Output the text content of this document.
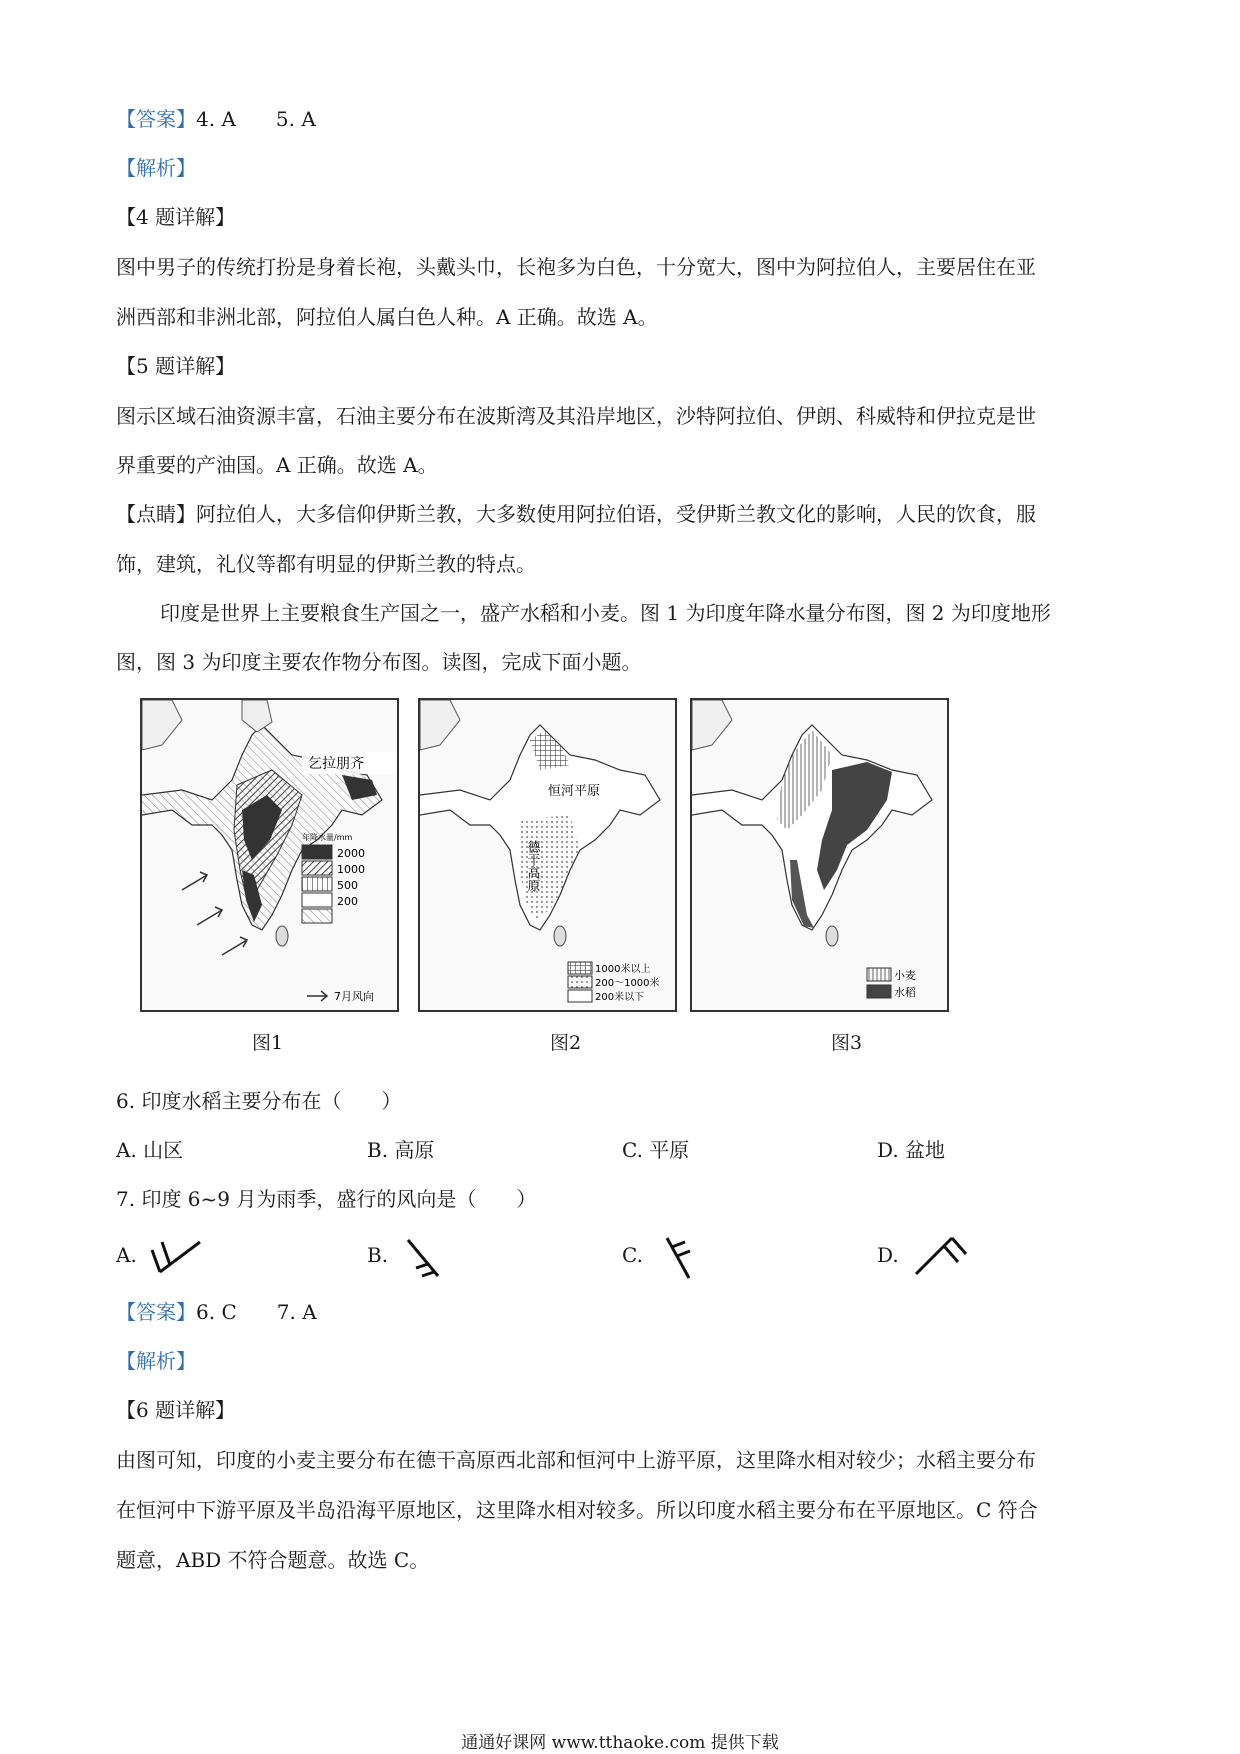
【答案】4. A 5. A
【解析】
【4 题详解】
图中男子的传统打扮是身着长袍，头戴头巾，长袍多为白色，十分宽大，图中为阿拉伯人，主要居住在亚
洲西部和非洲北部，阿拉伯人属白色人种。A 正确。故选 A。
【5 题详解】
图示区域石油资源丰富，石油主要分布在波斯湾及其沿岸地区，沙特阿拉伯、伊朗、科威特和伊拉克是世
界重要的产油国。A 正确。故选 A。
【点睛】阿拉伯人，大多信仰伊斯兰教，大多数使用阿拉伯语，受伊斯兰教文化的影响，人民的饮食，服
饰，建筑，礼仪等都有明显的伊斯兰教的特点。
印度是世界上主要粮食生产国之一，盛产水稻和小麦。图 1 为印度年降水量分布图，图 2 为印度地形
图，图 3 为印度主要农作物分布图。读图，完成下面小题。
乞拉朋齐
年降水量/mm
2000
1000
500
200
7月风向
恒河平原
德干高原
1000米以上
200～1000米
200米以下
小麦
水稻
图1	图2	图3
6. 印度水稻主要分布在（　　）
A. 山区	B. 高原	C. 平原	D. 盆地
7. 印度 6~9 月为雨季，盛行的风向是（　　）
A.	B.	C.	D.
【答案】6. C 7. A
【解析】
【6 题详解】
由图可知，印度的小麦主要分布在德干高原西北部和恒河中上游平原，这里降水相对较少；水稻主要分布
在恒河中下游平原及半岛沿海平原地区，这里降水相对较多。所以印度水稻主要分布在平原地区。C 符合
题意，ABD 不符合题意。故选 C。
通通好课网 www.tthaoke.com 提供下载
